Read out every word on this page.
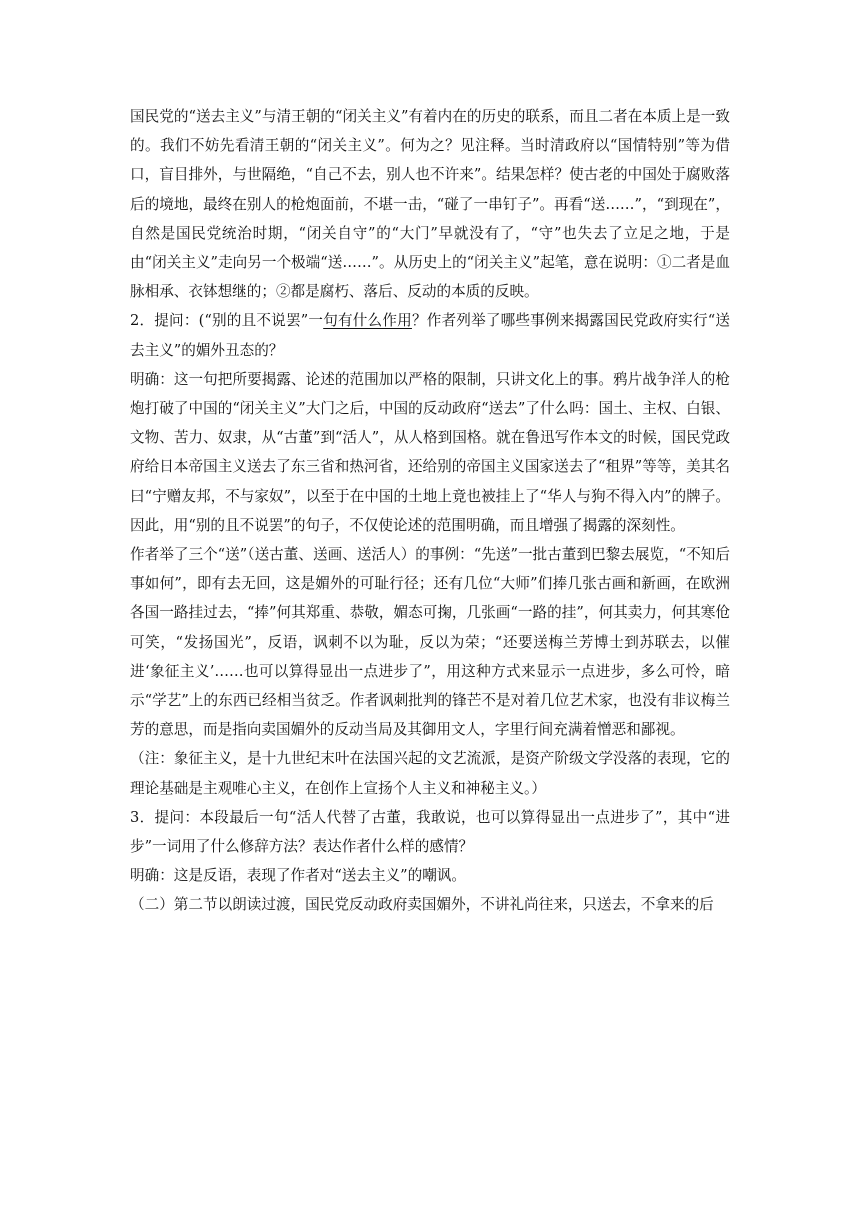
国民党的“送去主义”与清王朝的“闭关主义”有着内在的历史的联系，而且二者在本质上是一致的。我们不妨先看清王朝的“闭关主义”。何为之？见注释。当时清政府以“国情特别”等为借口，盲目排外，与世隔绝，“自己不去，别人也不许来”。结果怎样？使古老的中国处于腐败落后的境地，最终在别人的枪炮面前，不堪一击，“碰了一串钉子”。再看“送……”，“到现在”，自然是国民党统治时期，“闭关自守”的“大门”早就没有了，“守”也失去了立足之地，于是由“闭关主义”走向另一个极端“送……”。从历史上的“闭关主义”起笔，意在说明：①二者是血脉相承、衣钵想继的；②都是腐朽、落后、反动的本质的反映。

2．提问：(“别的且不说罢”一句有什么作用？作者列举了哪些事例来揭露国民党政府实行“送去主义”的媚外丑态的？

明确：这一句把所要揭露、论述的范围加以严格的限制，只讲文化上的事。鸦片战争洋人的枪炮打破了中国的“闭关主义”大门之后，中国的反动政府“送去”了什么吗：国土、主权、白银、文物、苦力、奴隶，从“古董”到“活人”，从人格到国格。就在鲁迅写作本文的时候，国民党政府给日本帝国主义送去了东三省和热河省，还给别的帝国主义国家送去了“租界”等等，美其名曰“宁赠友邦，不与家奴”，以至于在中国的土地上竟也被挂上了“华人与狗不得入内”的牌子。因此，用“别的且不说罢”的句子，不仅使论述的范围明确，而且增强了揭露的深刻性。

作者举了三个“送”（送古董、送画、送活人）的事例：“先送”一批古董到巴黎去展览，“不知后事如何”，即有去无回，这是媚外的可耻行径；还有几位“大师”们捧几张古画和新画，在欧洲各国一路挂过去，“捧”何其郑重、恭敬，媚态可掬，几张画“一路的挂”，何其卖力，何其寒伧可笑，“发扬国光”，反语，讽刺不以为耻，反以为荣；“还要送梅兰芳博士到苏联去，以催进‘象征主义’……也可以算得显出一点进步了”，用这种方式来显示一点进步，多么可怜，暗示“学艺”上的东西已经相当贫乏。作者讽刺批判的锋芒不是对着几位艺术家，也没有非议梅兰芳的意思，而是指向卖国媚外的反动当局及其御用文人，字里行间充满着憎恶和鄙视。

（注：象征主义，是十九世纪末叶在法国兴起的文艺流派，是资产阶级文学没落的表现，它的理论基础是主观唯心主义，在创作上宣扬个人主义和神秘主义。）

3．提问：本段最后一句“活人代替了古董，我敢说，也可以算得显出一点进步了”，其中“进步”一词用了什么修辞方法？表达作者什么样的感情？

明确：这是反语，表现了作者对“送去主义”的嘲讽。

（二）第二节以朗读过渡，国民党反动政府卖国媚外，不讲礼尚往来，只送去，不拿来的后
